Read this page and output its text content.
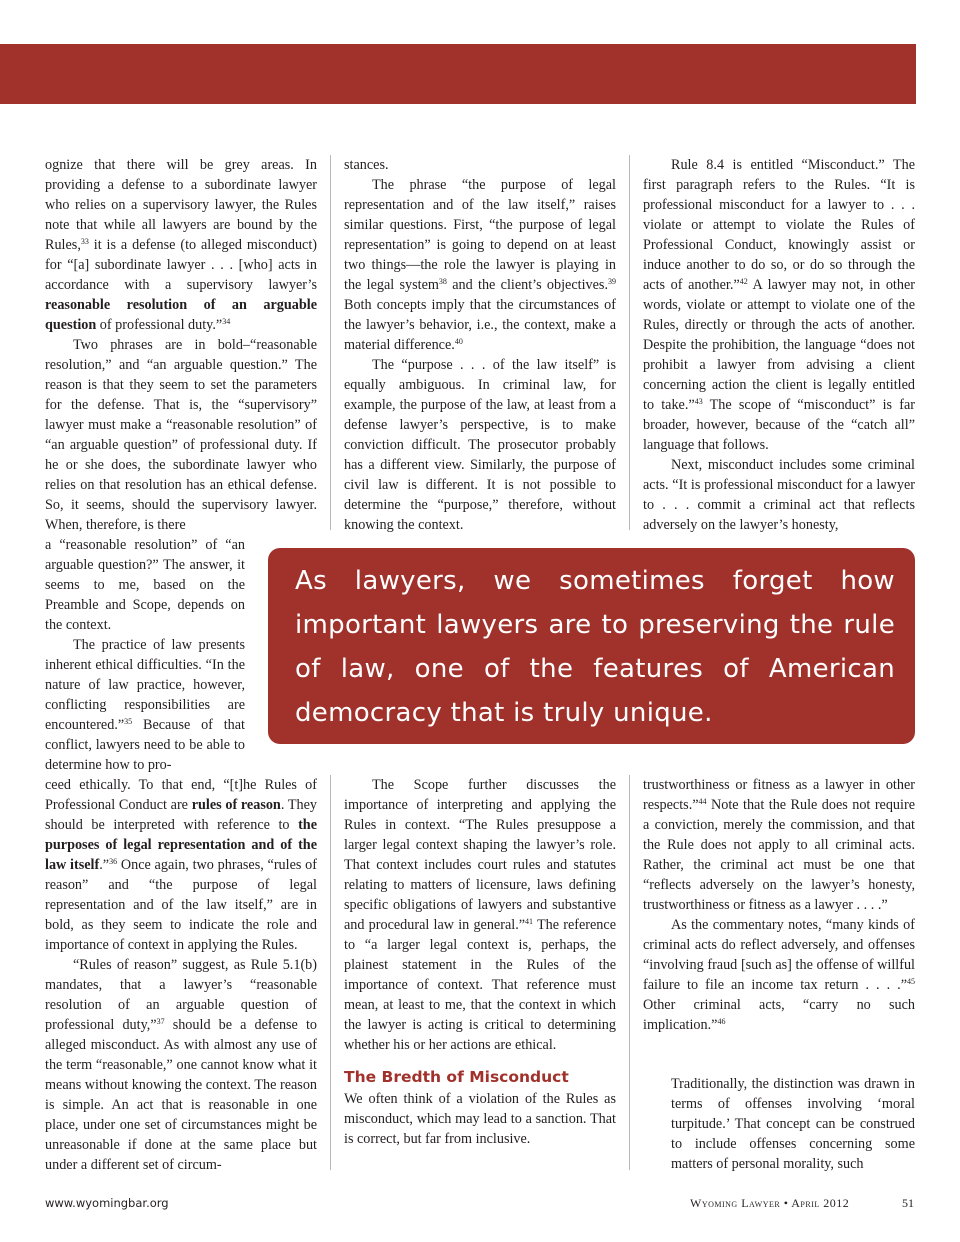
ognize that there will be grey areas. In providing a defense to a subordinate lawyer who relies on a supervisory lawyer, the Rules note that while all lawyers are bound by the Rules,$^{33}$ it is a defense (to alleged misconduct) for “[a] subordinate lawyer . . . [who] acts in accordance with a supervisory lawyer’s reasonable resolution of an arguable question of professional duty.”$^{34}$

Two phrases are in bold–“reasonable resolution,” and “an arguable question.” The reason is that they seem to set the parameters for the defense. That is, the “supervisory” lawyer must make a “reasonable resolution” of “an arguable question” of professional duty. If he or she does, the subordinate lawyer who relies on that resolution has an ethical defense. So, it seems, should the supervisory lawyer. When, therefore, is there

a “reasonable resolution” of “an arguable question?” The answer, it seems to me, based on the Preamble and Scope, depends on the context.

The practice of law presents inherent ethical difficulties. “In the nature of law practice, however, conflicting responsibilities are encountered.”$^{35}$ Because of that conflict, lawyers need to be able to determine how to pro-

ceed ethically. To that end, “[t]he Rules of Professional Conduct are rules of reason. They should be interpreted with reference to the purposes of legal representation and of the law itself.”$^{36}$ Once again, two phrases, “rules of reason” and “the purpose of legal representation and of the law itself,” are in bold, as they seem to indicate the role and importance of context in applying the Rules.

“Rules of reason” suggest, as Rule 5.1(b) mandates, that a lawyer’s “reasonable resolution of an arguable question of professional duty,”$^{37}$ should be a defense to alleged misconduct. As with almost any use of the term “reasonable,” one cannot know what it means without knowing the context. The reason is simple. An act that is reasonable in one place, under one set of circumstances might be unreasonable if done at the same place but under a different set of circum-

stances.

The phrase “the purpose of legal representation and of the law itself,” raises similar questions. First, “the purpose of legal representation” is going to depend on at least two things—the role the lawyer is playing in the legal system$^{38}$ and the client’s objectives.$^{39}$ Both concepts imply that the circumstances of the lawyer’s behavior, i.e., the context, make a material difference.$^{40}$

The “purpose . . . of the law itself” is equally ambiguous. In criminal law, for example, the purpose of the law, at least from a defense lawyer’s perspective, is to make conviction difficult. The prosecutor probably has a different view. Similarly, the purpose of civil law is different. It is not possible to determine the “purpose,” therefore, without knowing the context.

The Scope further discusses the importance of interpreting and applying the Rules in context. “The Rules presuppose a larger legal context shaping the lawyer’s role. That context includes court rules and statutes relating to matters of licensure, laws defining specific obligations of lawyers and substantive and procedural law in general.”$^{41}$ The reference to “a larger legal context is, perhaps, the plainest statement in the Rules of the importance of context. That reference must mean, at least to me, that the context in which the lawyer is acting is critical to determining whether his or her actions are ethical.

The Bredth of Misconduct

We often think of a violation of the Rules as misconduct, which may lead to a sanction. That is correct, but far from inclusive.

Rule 8.4 is entitled “Misconduct.” The first paragraph refers to the Rules. “It is professional misconduct for a lawyer to . . . violate or attempt to violate the Rules of Professional Conduct, knowingly assist or induce another to do so, or do so through the acts of another.”$^{42}$ A lawyer may not, in other words, violate or attempt to violate one of the Rules, directly or through the acts of another. Despite the prohibition, the language “does not prohibit a lawyer from advising a client concerning action the client is legally entitled to take.”$^{43}$ The scope of “misconduct” is far broader, however, because of the “catch all” language that follows.

Next, misconduct includes some criminal acts. “It is professional misconduct for a lawyer to . . . commit a criminal act that reflects adversely on the lawyer’s honesty,

trustworthiness or fitness as a lawyer in other respects.”$^{44}$ Note that the Rule does not require a conviction, merely the commission, and that the Rule does not apply to all criminal acts. Rather, the criminal act must be one that “reflects adversely on the lawyer’s honesty, trustworthiness or fitness as a lawyer . . . .”

As the commentary notes, “many kinds of criminal acts do reflect adversely, and offenses “involving fraud [such as] the offense of willful failure to file an income tax return . . . .”$^{45}$ Other criminal acts, “carry no such implication.”$^{46}$

Traditionally, the distinction was drawn in terms of offenses involving ‘moral turpitude.’ That concept can be construed to include offenses concerning some matters of personal morality, such

As lawyers, we sometimes forget how important lawyers are to preserving the rule of law, one of the features of American democracy that is truly unique.
www.wyomingbar.org	Wyoming Lawyer • April 2012	51
